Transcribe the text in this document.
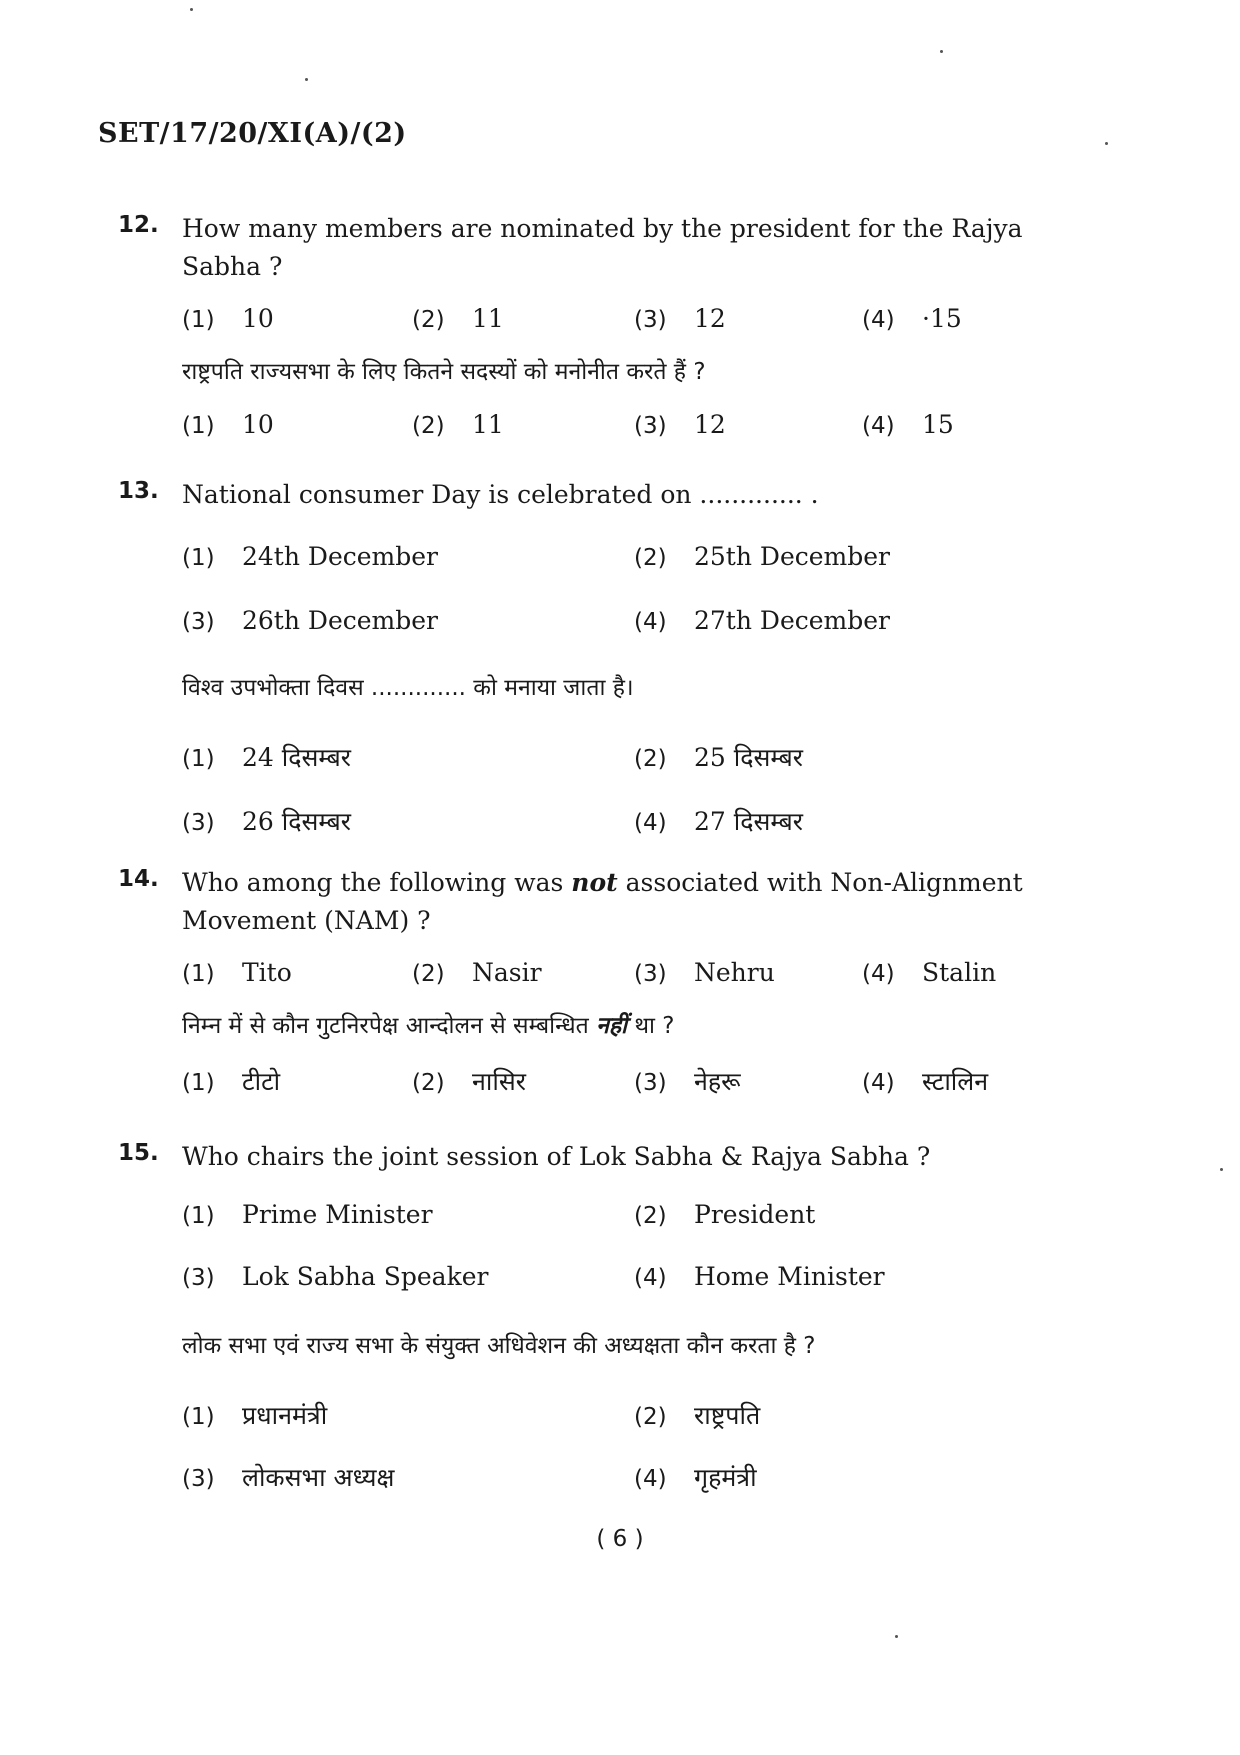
SET/17/20/XI(A)/(2)
12. How many members are nominated by the president for the Rajya Sabha ?
(1) 10	(2) 11	(3) 12	(4) ·15
राष्ट्रपति राज्यसभा के लिए कितने सदस्यों को मनोनीत करते हैं ?
(1) 10	(2) 11	(3) 12	(4) 15
13. National consumer Day is celebrated on ............. .
(1) 24th December	(2) 25th December
(3) 26th December	(4) 27th December
विश्व उपभोक्ता दिवस ............. को मनाया जाता है।
(1) 24 दिसम्बर	(2) 25 दिसम्बर
(3) 26 दिसम्बर	(4) 27 दिसम्बर
14. Who among the following was not associated with Non-Alignment Movement (NAM) ?
(1) Tito	(2) Nasir	(3) Nehru	(4) Stalin
निम्न में से कौन गुटनिरपेक्ष आन्दोलन से सम्बन्धित नहीं था ?
(1) टीटो	(2) नासिर	(3) नेहरू	(4) स्टालिन
15. Who chairs the joint session of Lok Sabha & Rajya Sabha ?
(1) Prime Minister	(2) President
(3) Lok Sabha Speaker	(4) Home Minister
लोक सभा एवं राज्य सभा के संयुक्त अधिवेशन की अध्यक्षता कौन करता है ?
(1) प्रधानमंत्री	(2) राष्ट्रपति
(3) लोकसभा अध्यक्ष	(4) गृहमंत्री
( 6 )
